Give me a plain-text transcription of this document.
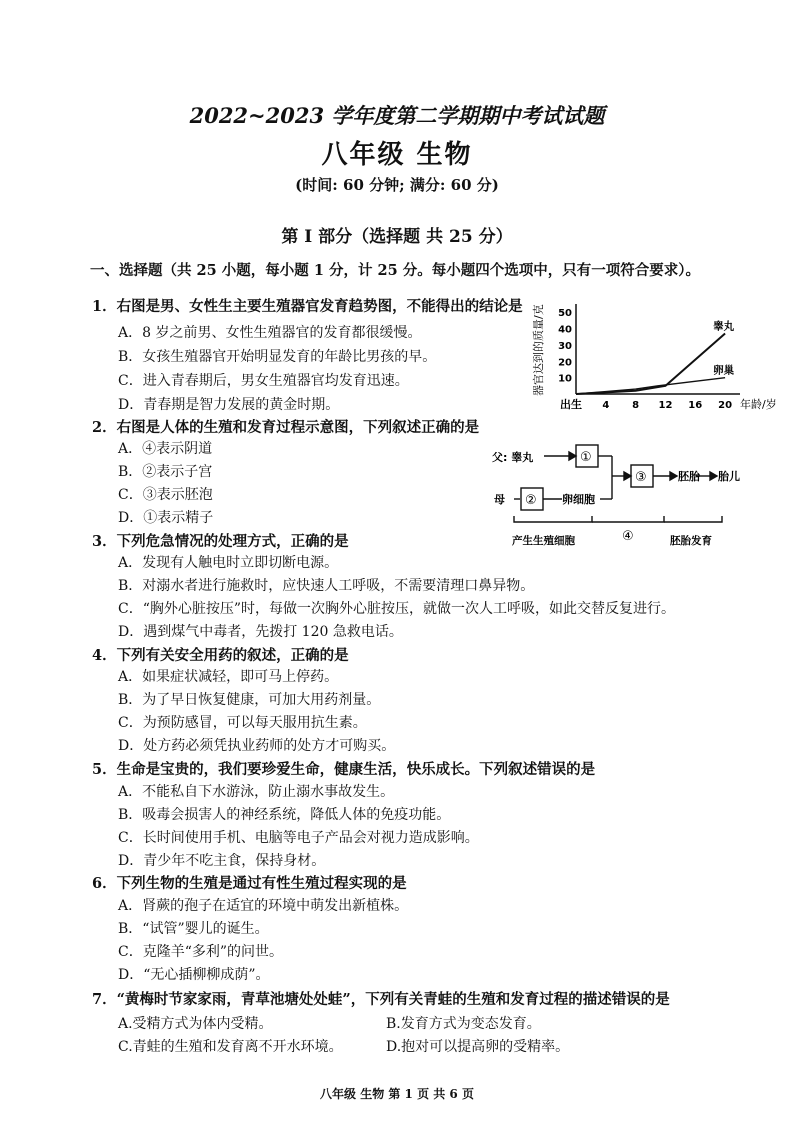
2022~2023 学年度第二学期期中考试试题
八年级 生物
(时间: 60 分钟; 满分: 60 分)
第 I 部分（选择题 共 25 分）
一、选择题（共 25 小题，每小题 1 分，计 25 分。每小题四个选项中，只有一项符合要求）。
1．右图是男、女性生主要生殖器官发育趋势图，不能得出的结论是
A．8 岁之前男、女性生殖器官的发育都很缓慢。
B．女孩生殖器官开始明显发育的年龄比男孩的早。
C．进入青春期后，男女生殖器官均发育迅速。
D．青春期是智力发展的黄金时期。
2．右图是人体的生殖和发育过程示意图，下列叙述正确的是
A．④表示阴道
B．②表示子宫
C．③表示胚泡
D．①表示精子
3．下列危急情况的处理方式，正确的是
A．发现有人触电时立即切断电源。
B．对溺水者进行施救时，应快速人工呼吸，不需要清理口鼻异物。
C．“胸外心脏按压”时，每做一次胸外心脏按压，就做一次人工呼吸，如此交替反复进行。
D．遇到煤气中毒者，先拨打 120 急救电话。
4．下列有关安全用药的叙述，正确的是
A．如果症状减轻，即可马上停药。
B．为了早日恢复健康，可加大用药剂量。
C．为预防感冒，可以每天服用抗生素。
D．处方药必须凭执业药师的处方才可购买。
5．生命是宝贵的，我们要珍爱生命，健康生活，快乐成长。下列叙述错误的是
A．不能私自下水游泳，防止溺水事故发生。
B．吸毒会损害人的神经系统，降低人体的免疫功能。
C．长时间使用手机、电脑等电子产品会对视力造成影响。
D．青少年不吃主食，保持身材。
6．下列生物的生殖是通过有性生殖过程实现的是
A．肾蕨的孢子在适宜的环境中萌发出新植株。
B．“试管”婴儿的诞生。
C．克隆羊“多利”的问世。
D．“无心插柳柳成荫”。
7．“黄梅时节家家雨，青草池塘处处蛙”，下列有关青蛙的生殖和发育过程的描述错误的是
A.受精方式为体内受精。	B.发育方式为变态发育。
C.青蛙的生殖和发育离不开水环境。	D.抱对可以提高卵的受精率。
八年级 生物 第 1 页 共 6 页
器官达到的质量/克 10
20
30
40
50
4 8 12 16 20
睾丸
卵巢
出生	年龄/岁
父: 睾丸
母
①
②
③
卵细胞
胚胎 胎儿
产生生殖细胞	④	胚胎发育
